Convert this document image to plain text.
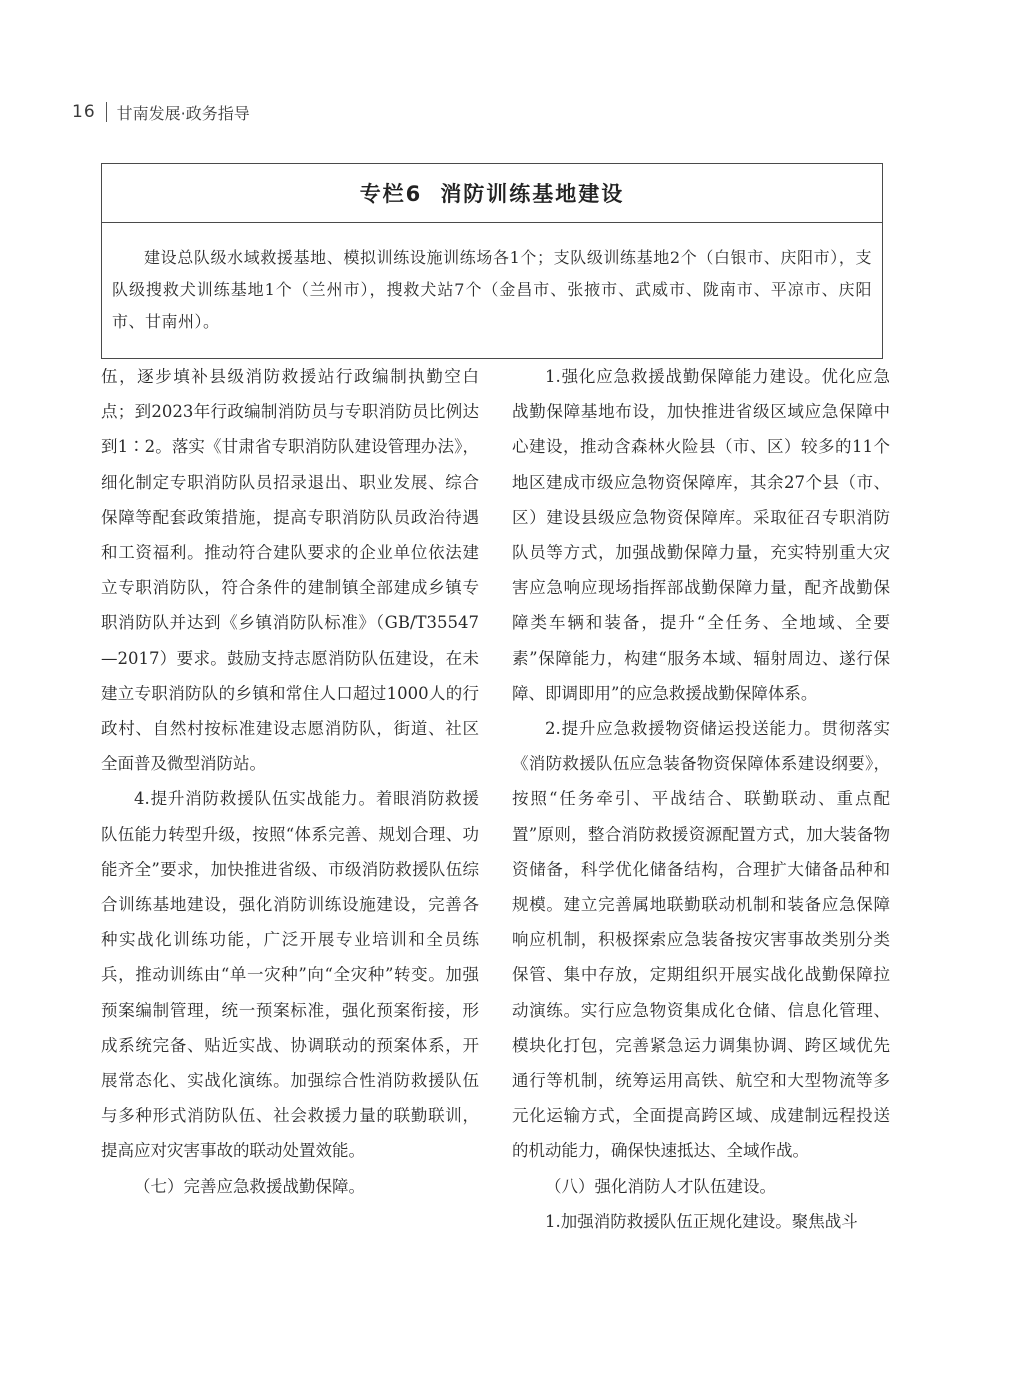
16 甘南发展·政务指导
专栏6 消防训练基地建设
建设总队级水域救援基地、模拟训练设施训练场各1个；支队级训练基地2个（白银市、庆阳市），支队级搜救犬训练基地1个（兰州市），搜救犬站7个（金昌市、张掖市、武威市、陇南市、平凉市、庆阳市、甘南州）。

伍，逐步填补县级消防救援站行政编制执勤空白点；到2023年行政编制消防员与专职消防员比例达到1∶2。落实《甘肃省专职消防队建设管理办法》，细化制定专职消防队员招录退出、职业发展、综合保障等配套政策措施，提高专职消防队员政治待遇和工资福利。推动符合建队要求的企业单位依法建立专职消防队，符合条件的建制镇全部建成乡镇专职消防队并达到《乡镇消防队标准》（GB/T35547—2017）要求。鼓励支持志愿消防队伍建设，在未建立专职消防队的乡镇和常住人口超过1000人的行政村、自然村按标准建设志愿消防队，街道、社区全面普及微型消防站。

4.提升消防救援队伍实战能力。着眼消防救援队伍能力转型升级，按照“体系完善、规划合理、功能齐全”要求，加快推进省级、市级消防救援队伍综合训练基地建设，强化消防训练设施建设，完善各种实战化训练功能，广泛开展专业培训和全员练兵，推动训练由“单一灾种”向“全灾种”转变。加强预案编制管理，统一预案标准，强化预案衔接，形成系统完备、贴近实战、协调联动的预案体系，开展常态化、实战化演练。加强综合性消防救援队伍与多种形式消防队伍、社会救援力量的联勤联训，提高应对灾害事故的联动处置效能。

（七）完善应急救援战勤保障。

1.强化应急救援战勤保障能力建设。优化应急战勤保障基地布设，加快推进省级区域应急保障中心建设，推动含森林火险县（市、区）较多的11个地区建成市级应急物资保障库，其余27个县（市、区）建设县级应急物资保障库。采取征召专职消防队员等方式，加强战勤保障力量，充实特别重大灾害应急响应现场指挥部战勤保障力量，配齐战勤保障类车辆和装备，提升“全任务、全地域、全要素”保障能力，构建“服务本域、辐射周边、遂行保障、即调即用”的应急救援战勤保障体系。

2.提升应急救援物资储运投送能力。贯彻落实《消防救援队伍应急装备物资保障体系建设纲要》，按照“任务牵引、平战结合、联勤联动、重点配置”原则，整合消防救援资源配置方式，加大装备物资储备，科学优化储备结构，合理扩大储备品种和规模。建立完善属地联勤联动机制和装备应急保障响应机制，积极探索应急装备按灾害事故类别分类保管、集中存放，定期组织开展实战化战勤保障拉动演练。实行应急物资集成化仓储、信息化管理、模块化打包，完善紧急运力调集协调、跨区域优先通行等机制，统筹运用高铁、航空和大型物流等多元化运输方式，全面提高跨区域、成建制远程投送的机动能力，确保快速抵达、全域作战。

（八）强化消防人才队伍建设。

1.加强消防救援队伍正规化建设。聚焦战斗
